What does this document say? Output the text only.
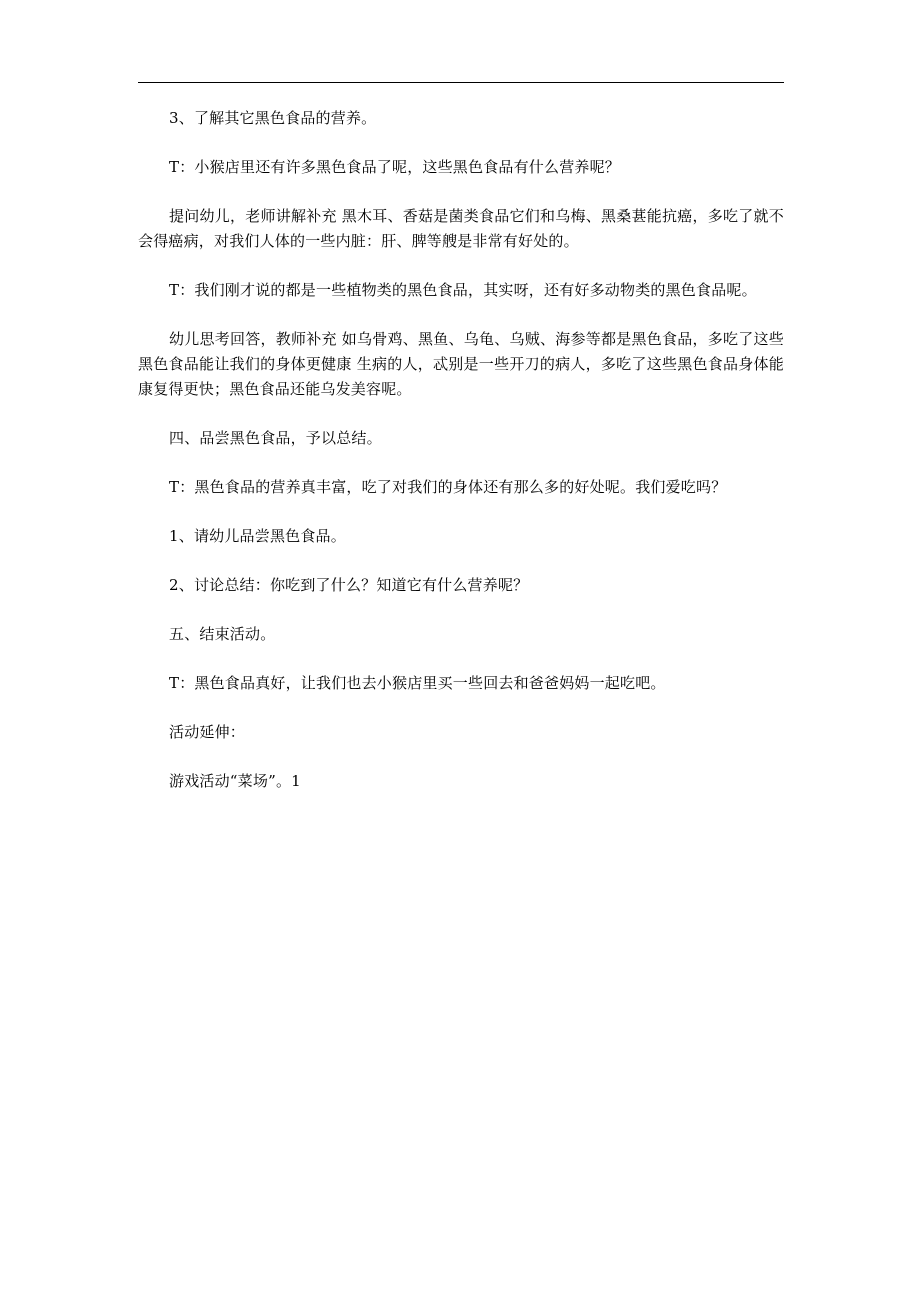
3、了解其它黑色食品的营养。

T：小猴店里还有许多黑色食品了呢，这些黑色食品有什么营养呢？

提问幼儿，老师讲解补充 黑木耳、香菇是菌类食品它们和乌梅、黑桑葚能抗癌，多吃了就不会得癌病，对我们人体的一些内脏：肝、脾等艘是非常有好处的。

T：我们刚才说的都是一些植物类的黑色食品，其实呀，还有好多动物类的黑色食品呢。

幼儿思考回答，教师补充 如乌骨鸡、黑鱼、乌龟、乌贼、海参等都是黑色食品，多吃了这些黑色食品能让我们的身体更健康 生病的人，忒别是一些开刀的病人，多吃了这些黑色食品身体能康复得更快；黑色食品还能乌发美容呢。

四、品尝黑色食品，予以总结。

T：黑色食品的营养真丰富，吃了对我们的身体还有那么多的好处呢。我们爱吃吗？

1、请幼儿品尝黑色食品。

2、讨论总结：你吃到了什么？知道它有什么营养呢？

五、结束活动。

T：黑色食品真好，让我们也去小猴店里买一些回去和爸爸妈妈一起吃吧。

活动延伸：

游戏活动“菜场”。1
